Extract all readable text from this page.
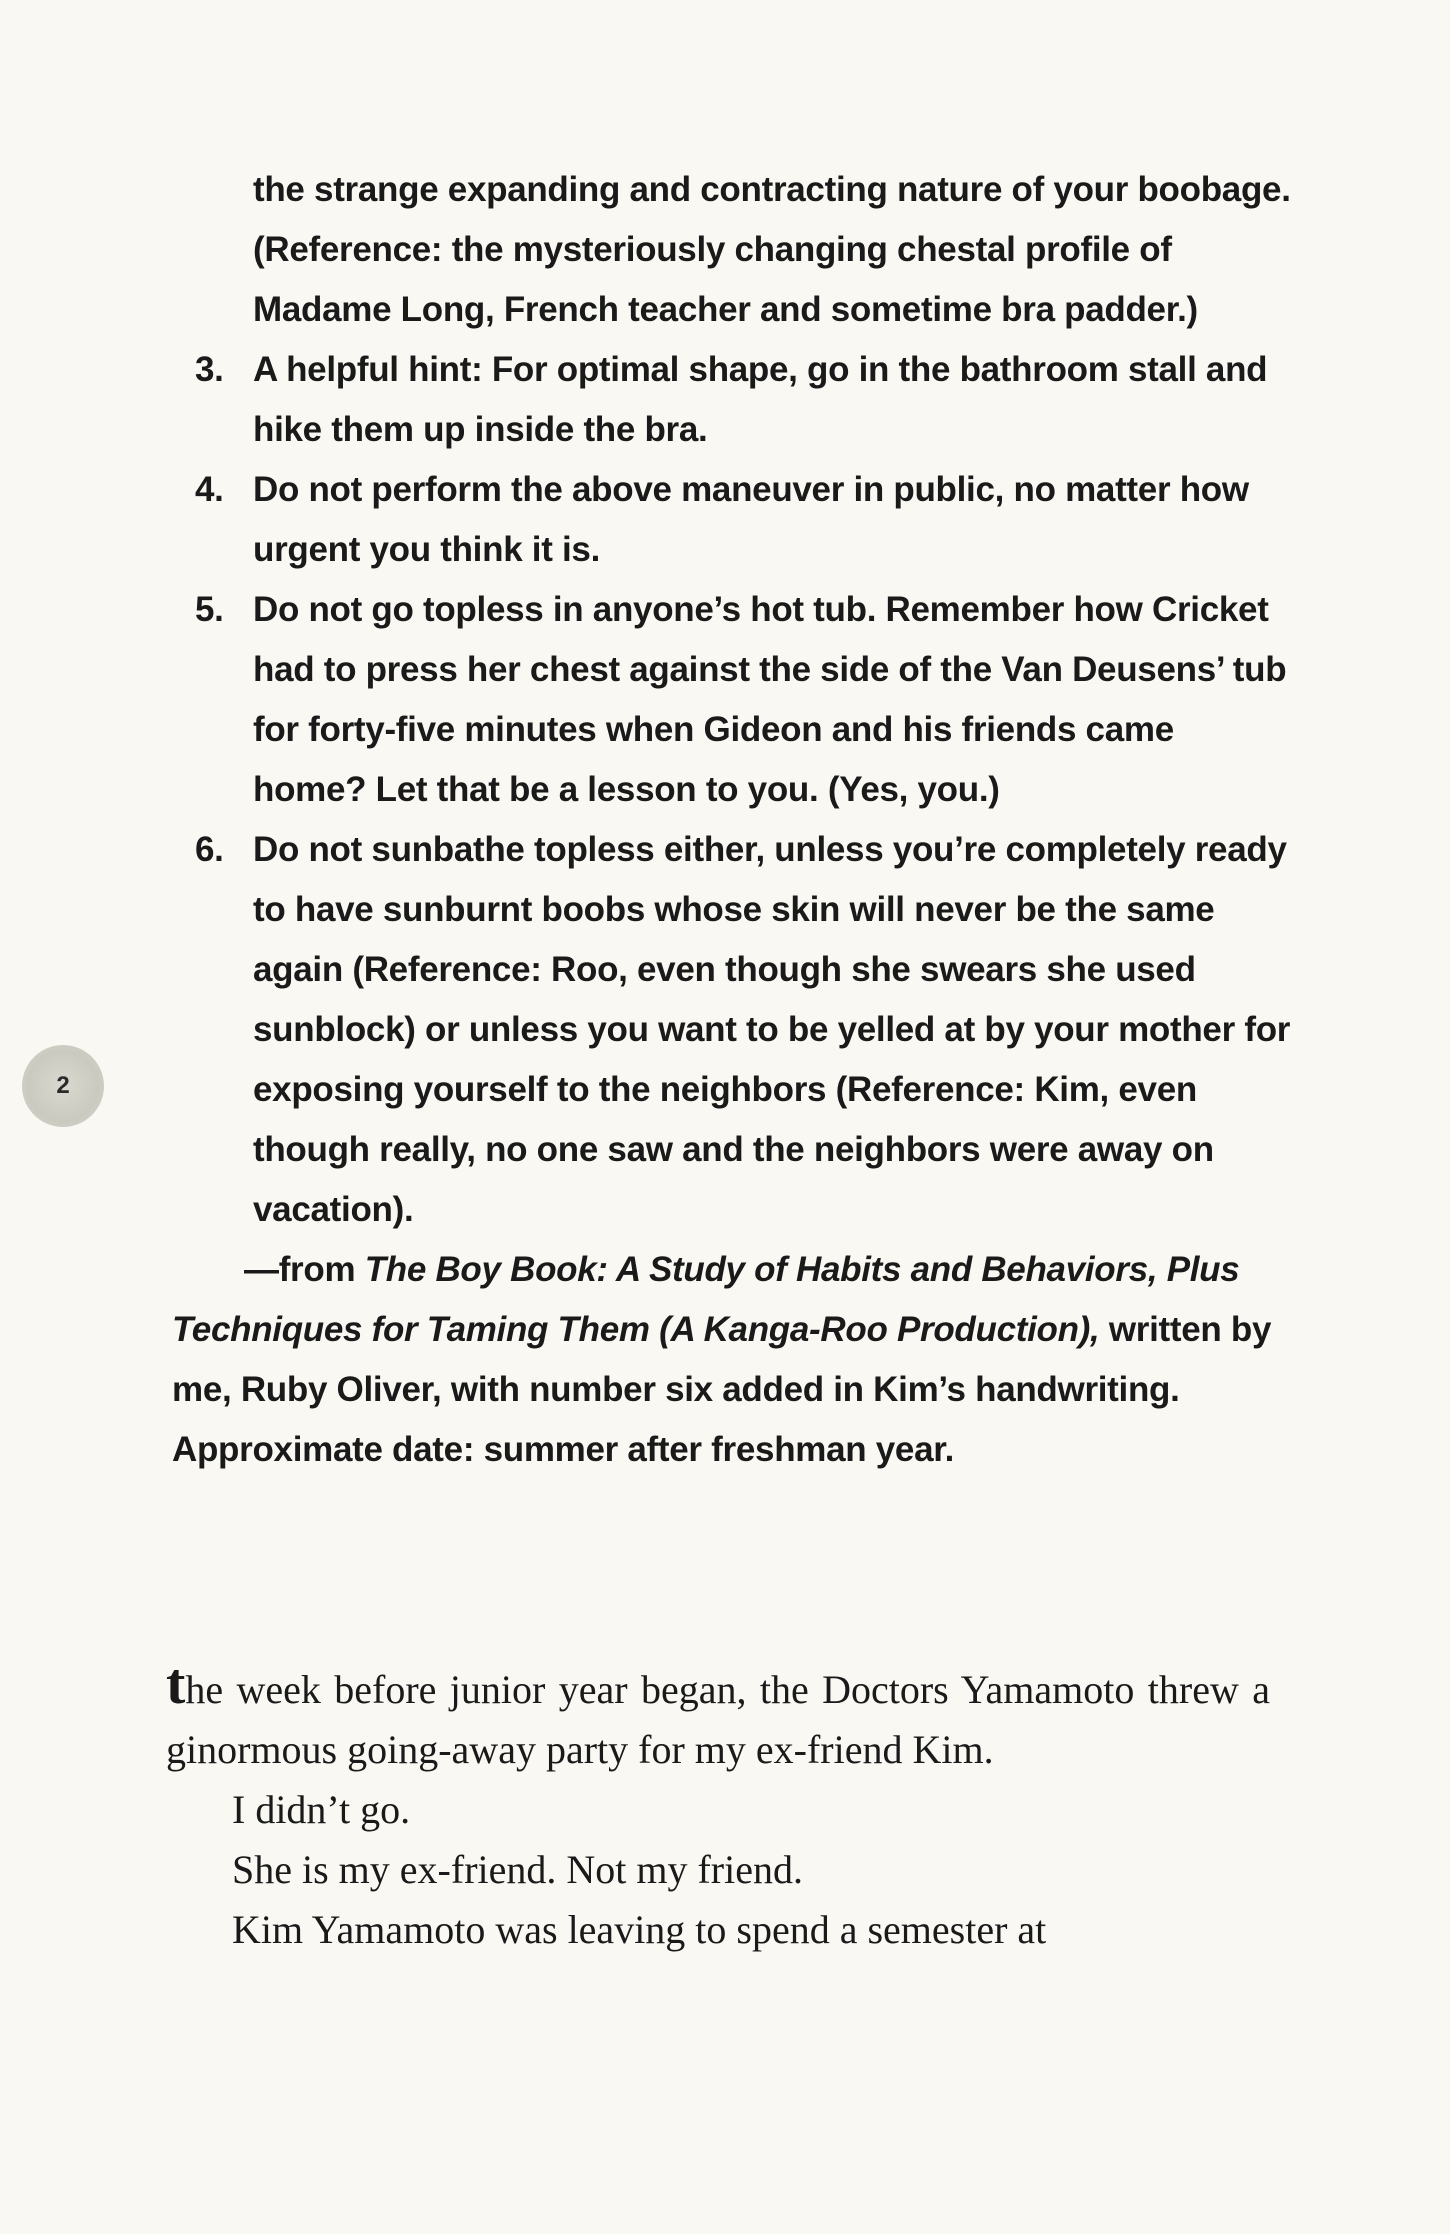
the strange expanding and contracting nature of your boobage. (Reference: the mysteriously changing chestal profile of Madame Long, French teacher and sometime bra padder.)

3. A helpful hint: For optimal shape, go in the bathroom stall and hike them up inside the bra.
4. Do not perform the above maneuver in public, no matter how urgent you think it is.
5. Do not go topless in anyone’s hot tub. Remember how Cricket had to press her chest against the side of the Van Deusens’ tub for forty-five minutes when Gideon and his friends came home? Let that be a lesson to you. (Yes, you.)
6. Do not sunbathe topless either, unless you’re completely ready to have sunburnt boobs whose skin will never be the same again (Reference: Roo, even though she swears she used sunblock) or unless you want to be yelled at by your mother for exposing yourself to the neighbors (Reference: Kim, even though really, no one saw and the neighbors were away on vacation).

—from The Boy Book: A Study of Habits and Behaviors, Plus Techniques for Taming Them (A Kanga-Roo Production), written by me, Ruby Oliver, with number six added in Kim’s handwriting. Approximate date: summer after freshman year.

the week before junior year began, the Doctors Yamamoto threw a ginormous going-away party for my ex-friend Kim.

I didn’t go.

She is my ex-friend. Not my friend.

Kim Yamamoto was leaving to spend a semester at

2
